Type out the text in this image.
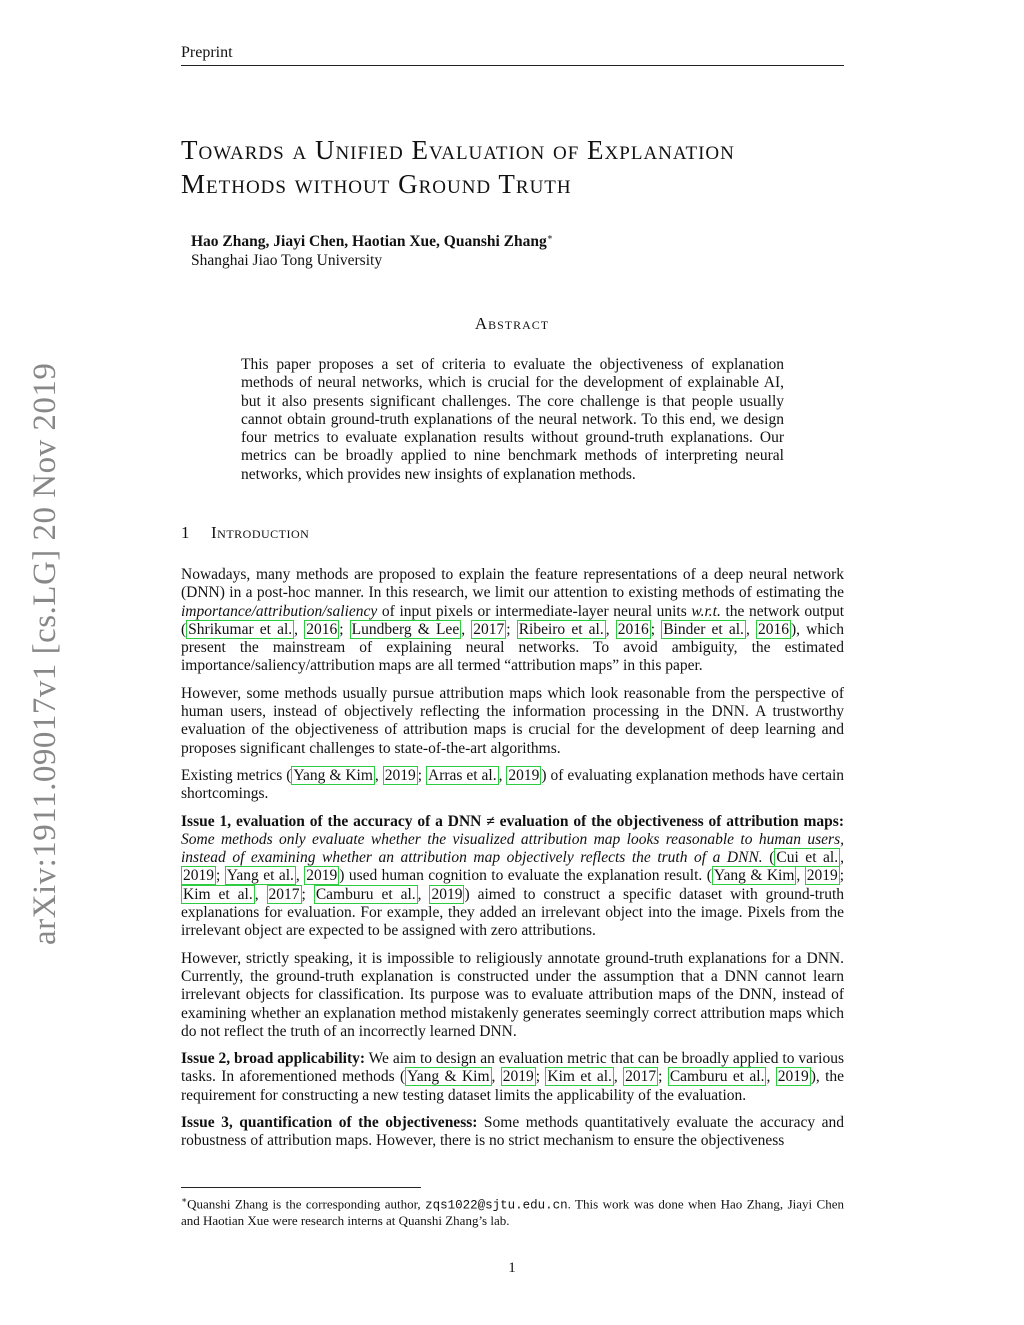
Preprint
arXiv:1911.09017v1 [cs.LG] 20 Nov 2019
Towards a Unified Evaluation of Explanation
Methods without Ground Truth
Hao Zhang, Jiayi Chen, Haotian Xue, Quanshi Zhang∗
Shanghai Jiao Tong University
Abstract
This paper proposes a set of criteria to evaluate the objectiveness of explanation methods of neural networks, which is crucial for the development of explainable AI, but it also presents significant challenges. The core challenge is that people usually cannot obtain ground-truth explanations of the neural network. To this end, we design four metrics to evaluate explanation results without ground-truth explanations. Our metrics can be broadly applied to nine benchmark methods of interpreting neural networks, which provides new insights of explanation methods.
1 Introduction

Nowadays, many methods are proposed to explain the feature representations of a deep neural network (DNN) in a post-hoc manner. In this research, we limit our attention to existing methods of estimating the importance/attribution/saliency of input pixels or intermediate-layer neural units w.r.t. the network output ( Shrikumar et al. , 2016 ; Lundberg & Lee , 2017 ; Ribeiro et al. , 2016 ; Binder et al. , 2016 ), which present the mainstream of explaining neural networks. To avoid ambiguity, the estimated importance/saliency/attribution maps are all termed “attribution maps” in this paper.

However, some methods usually pursue attribution maps which look reasonable from the perspective of human users, instead of objectively reflecting the information processing in the DNN. A trustworthy evaluation of the objectiveness of attribution maps is crucial for the development of deep learning and proposes significant challenges to state-of-the-art algorithms.

Existing metrics ( Yang & Kim , 2019 ; Arras et al. , 2019 ) of evaluating explanation methods have certain shortcomings.

Issue 1, evaluation of the accuracy of a DNN ≠ evaluation of the objectiveness of attribution maps: Some methods only evaluate whether the visualized attribution map looks reasonable to human users, instead of examining whether an attribution map objectively reflects the truth of a DNN. ( Cui et al. , 2019 ; Yang et al. , 2019 ) used human cognition to evaluate the explanation result. ( Yang & Kim , 2019 ; Kim et al. , 2017 ; Camburu et al. , 2019 ) aimed to construct a specific dataset with ground-truth explanations for evaluation. For example, they added an irrelevant object into the image. Pixels from the irrelevant object are expected to be assigned with zero attributions.

However, strictly speaking, it is impossible to religiously annotate ground-truth explanations for a DNN. Currently, the ground-truth explanation is constructed under the assumption that a DNN cannot learn irrelevant objects for classification. Its purpose was to evaluate attribution maps of the DNN, instead of examining whether an explanation method mistakenly generates seemingly correct attribution maps which do not reflect the truth of an incorrectly learned DNN.

Issue 2, broad applicability: We aim to design an evaluation metric that can be broadly applied to various tasks. In aforementioned methods ( Yang & Kim , 2019 ; Kim et al. , 2017 ; Camburu et al. , 2019 ), the requirement for constructing a new testing dataset limits the applicability of the evaluation.

Issue 3, quantification of the objectiveness: Some methods quantitatively evaluate the accuracy and robustness of attribution maps. However, there is no strict mechanism to ensure the objectiveness

∗Quanshi Zhang is the corresponding author, zqs1022@sjtu.edu.cn. This work was done when Hao Zhang, Jiayi Chen and Haotian Xue were research interns at Quanshi Zhang’s lab.
1
